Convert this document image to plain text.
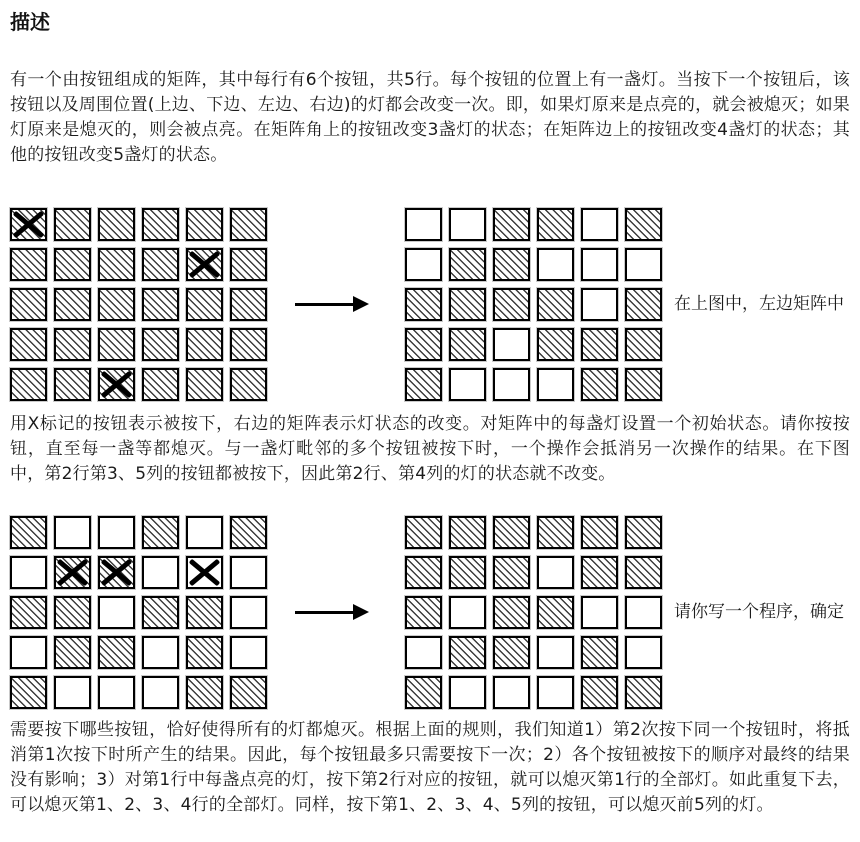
描述

有一个由按钮组成的矩阵，其中每行有6个按钮，共5行。每个按钮的位置上有一盏灯。当按下一个按钮后，该按钮以及周围位置(上边、下边、左边、右边)的灯都会改变一次。即，如果灯原来是点亮的，就会被熄灭；如果灯原来是熄灭的，则会被点亮。在矩阵角上的按钮改变3盏灯的状态；在矩阵边上的按钮改变4盏灯的状态；其他的按钮改变5盏灯的状态。

在上图中，左边矩阵中

用X标记的按钮表示被按下，右边的矩阵表示灯状态的改变。对矩阵中的每盏灯设置一个初始状态。请你按按钮，直至每一盏等都熄灭。与一盏灯毗邻的多个按钮被按下时，一个操作会抵消另一次操作的结果。在下图中，第2行第3、5列的按钮都被按下，因此第2行、第4列的灯的状态就不改变。

请你写一个程序，确定

需要按下哪些按钮，恰好使得所有的灯都熄灭。根据上面的规则，我们知道1）第2次按下同一个按钮时，将抵消第1次按下时所产生的结果。因此，每个按钮最多只需要按下一次；2）各个按钮被按下的顺序对最终的结果没有影响；3）对第1行中每盏点亮的灯，按下第2行对应的按钮，就可以熄灭第1行的全部灯。如此重复下去，可以熄灭第1、2、3、4行的全部灯。同样，按下第1、2、3、4、5列的按钮，可以熄灭前5列的灯。
